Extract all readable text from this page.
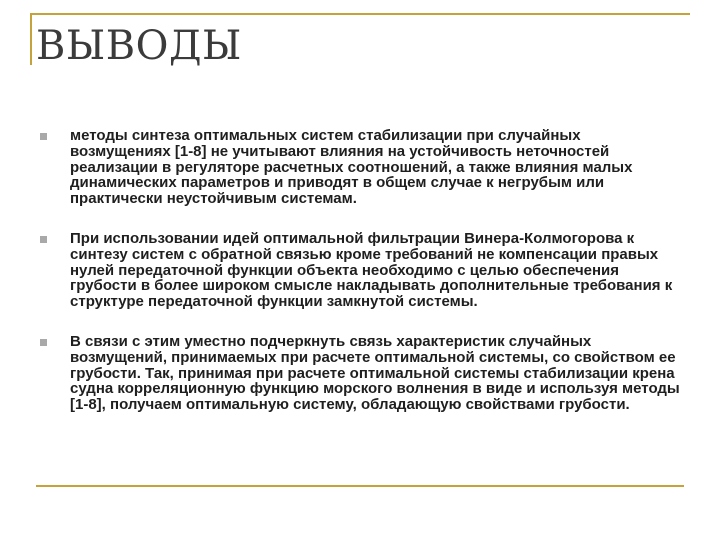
ВЫВОДЫ
методы синтеза оптимальных систем стабилизации при случайных возмущениях [1-8] не учитывают влияния на устойчивость неточностей реализации в регуляторе расчетных соотношений, а также влияния малых динамических параметров и приводят в общем случае к негрубым или практически неустойчивым системам.
При использовании идей оптимальной фильтрации Винера-Колмогорова к синтезу систем с обратной связью кроме требований не компенсации правых нулей передаточной функции объекта необходимо с целью обеспечения грубости в более широком смысле накладывать дополнительные требования к структуре передаточной функции замкнутой системы.
В связи с этим уместно подчеркнуть связь характеристик случайных возмущений, принимаемых при расчете оптимальной системы, со свойством ее грубости. Так, принимая при расчете оптимальной системы стабилизации крена судна корреляционную функцию морского волнения в виде и используя методы [1-8], получаем оптимальную систему, обладающую свойствами грубости.
